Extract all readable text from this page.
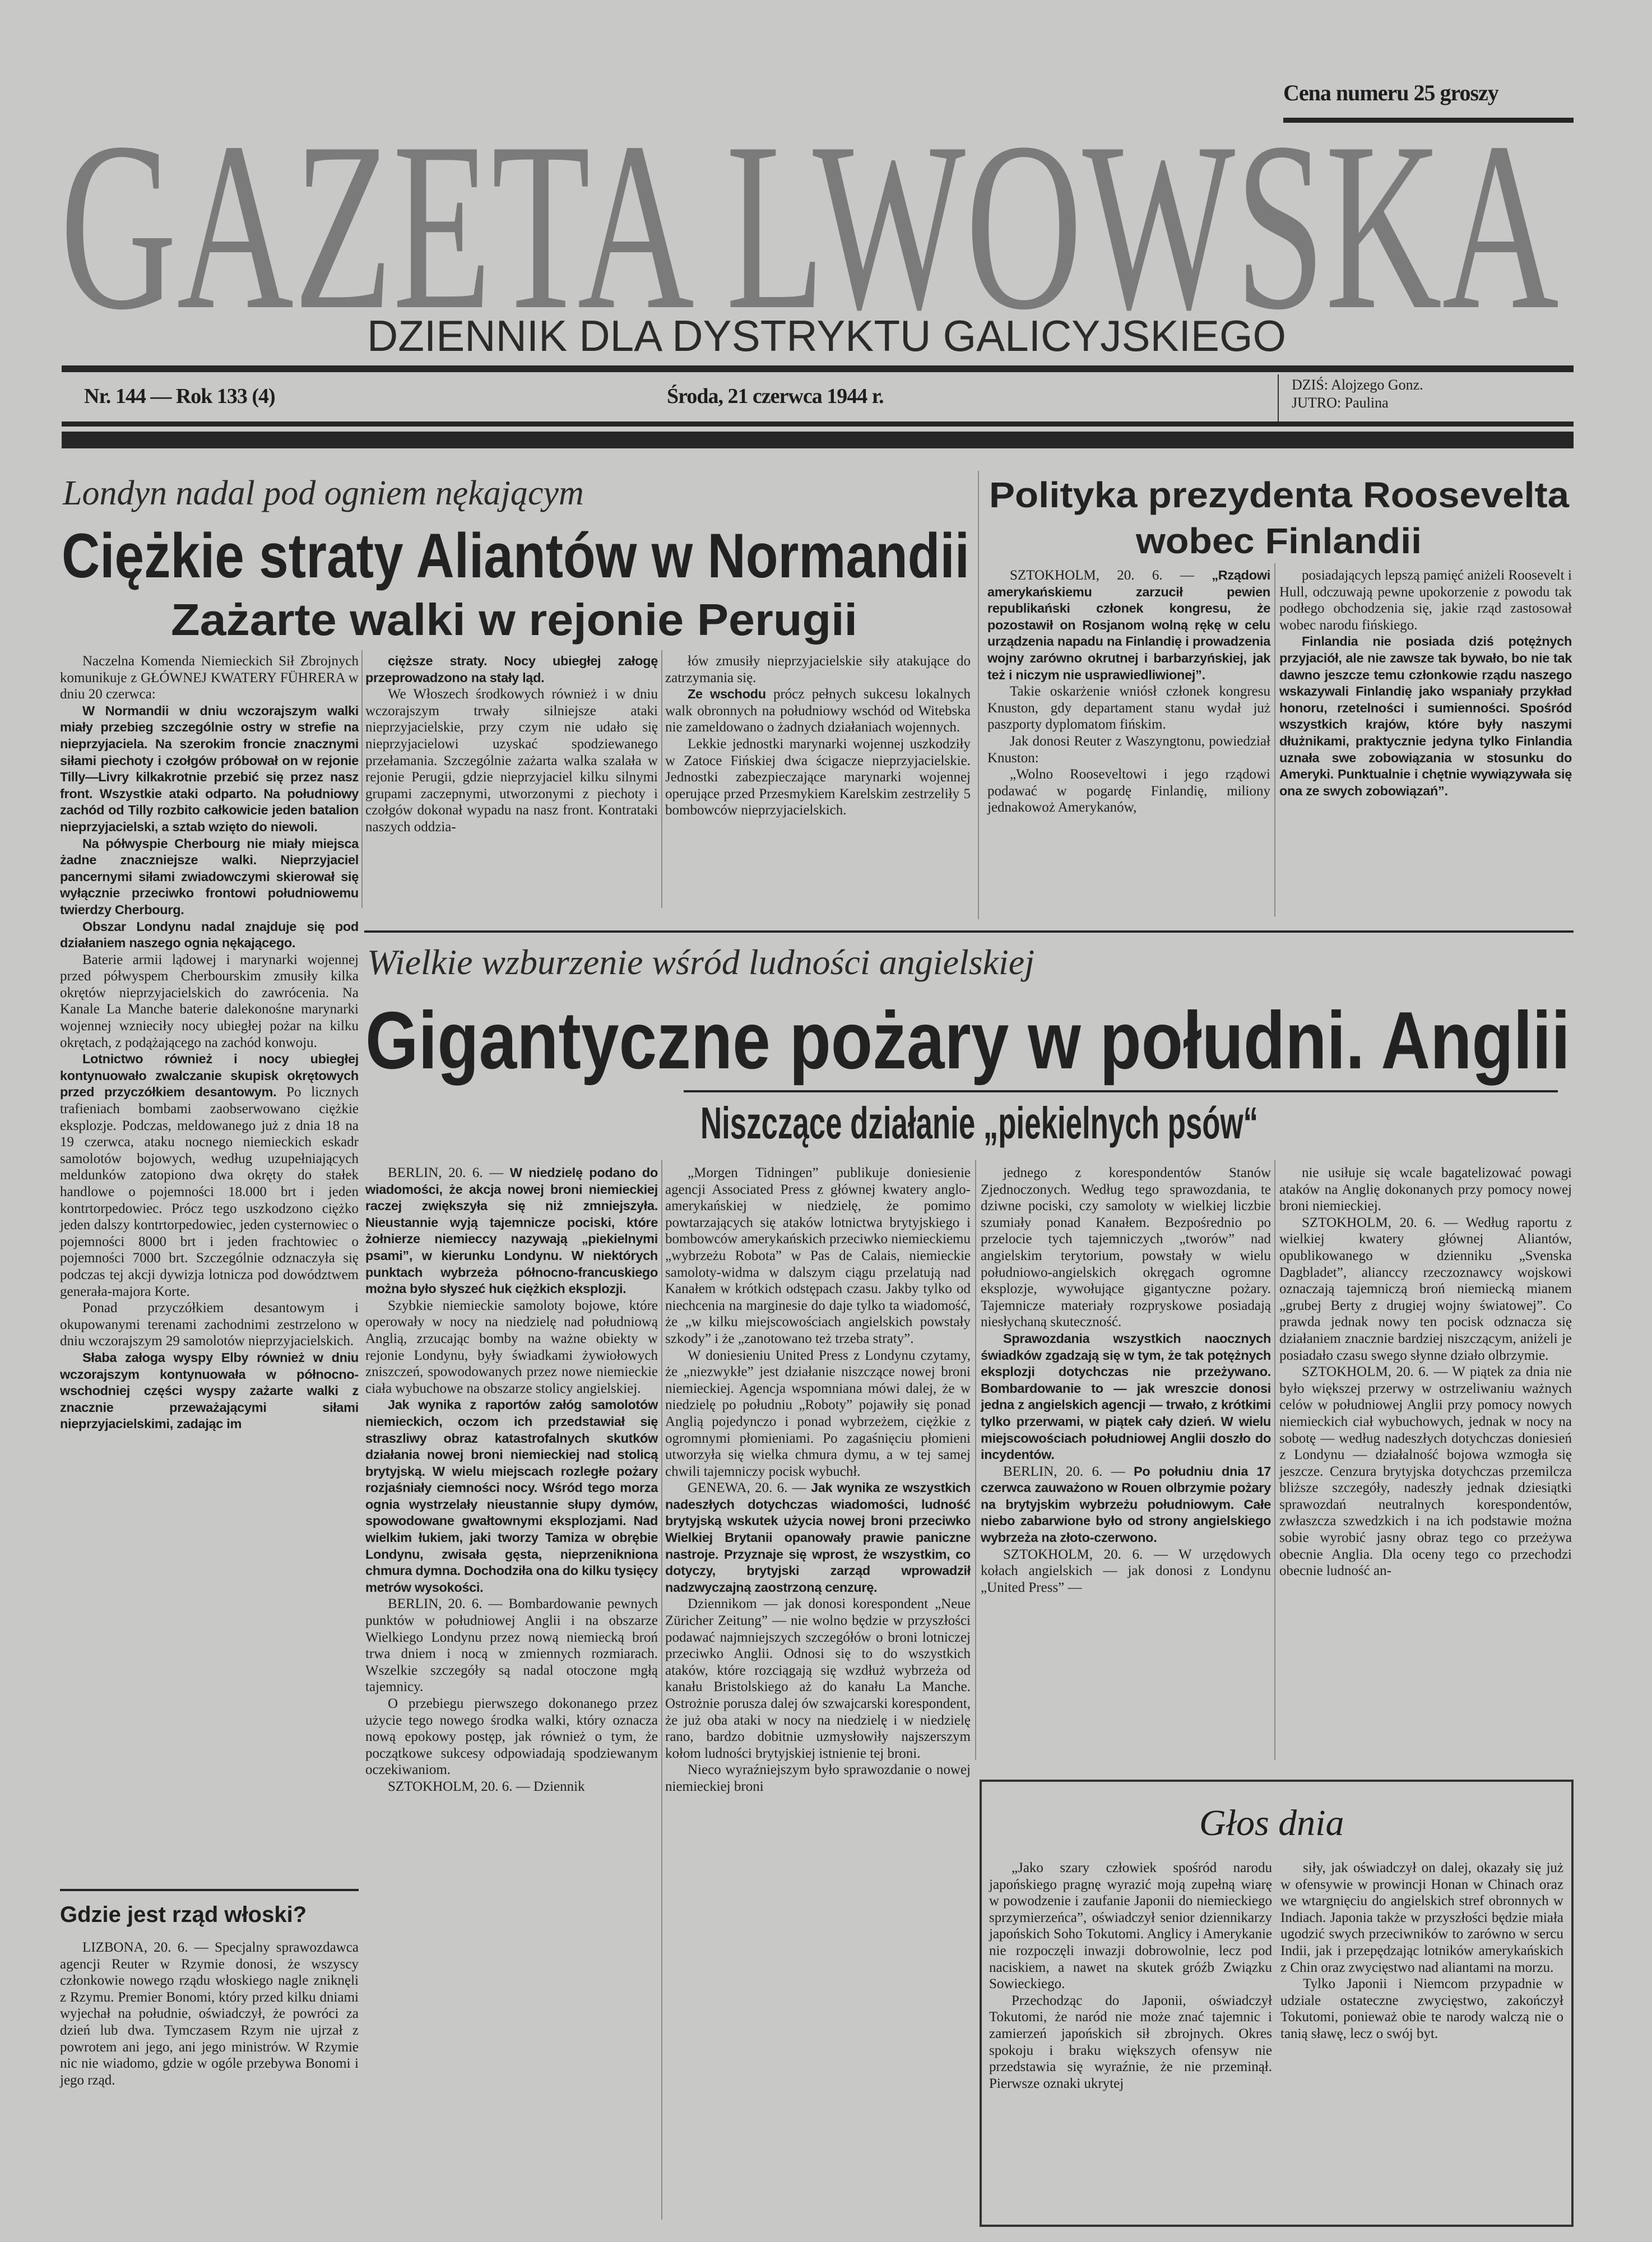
Cena numeru 25 groszy
GAZETA LWOWSKA
DZIENNIK DLA DYSTRYKTU GALICYJSKIEGO
Nr. 144 — Rok 133 (4)	Środa, 21 czerwca 1944 r.	DZIŚ: Alojzego Gonz.
JUTRO: Paulina
Londyn nadal pod ogniem nękającym
Ciężkie straty Aliantów w Normandii
Zażarte walki w rejonie Perugii

Naczelna Komenda Niemieckich Sił Zbrojnych komunikuje z GŁÓWNEJ KWATERY FÜHRERA w dniu 20 czerwca:

W Normandii w dniu wczorajszym walki miały przebieg szczególnie ostry w strefie na nieprzyjaciela. Na szerokim froncie znacznymi siłami piechoty i czołgów próbował on w rejonie Tilly—Livry kilkakrotnie przebić się przez nasz front. Wszystkie ataki odparto. Na południowy zachód od Tilly rozbito całkowicie jeden batalion nieprzyjacielski, a sztab wzięto do niewoli.

Na półwyspie Cherbourg nie miały miejsca żadne znaczniejsze walki. Nieprzyjaciel pancernymi siłami zwiadowczymi skierował się wyłącznie przeciwko frontowi południowemu twierdzy Cherbourg.

Obszar Londynu nadal znajduje się pod działaniem naszego ognia nękającego.

Baterie armii lądowej i marynarki wojennej przed półwyspem Cherbourskim zmusiły kilka okrętów nieprzyjacielskich do zawrócenia. Na Kanale La Manche baterie dalekonośne marynarki wojennej wznieciły nocy ubiegłej pożar na kilku okrętach, z podążającego na zachód konwoju.

Lotnictwo również i nocy ubiegłej kontynuowało zwalczanie skupisk okrętowych przed przyczółkiem desantowym. Po licznych trafieniach bombami zaobserwowano ciężkie eksplozje. Podczas, meldowanego już z dnia 18 na 19 czerwca, ataku nocnego niemieckich eskadr samolotów bojowych, według uzupełniających meldunków zatopiono dwa okręty do stałek handlowe o pojemności 18.000 brt i jeden kontrtorpedowiec. Prócz tego uszkodzono ciężko jeden dalszy kontrtorpedowiec, jeden cysternowiec o pojemności 8000 brt i jeden frachtowiec o pojemności 7000 brt. Szczególnie odznaczyła się podczas tej akcji dywizja lotnicza pod dowództwem generała-majora Korte.

Ponad przyczółkiem desantowym i okupowanymi terenami zachodnimi zestrzelono w dniu wczorajszym 29 samolotów nieprzyjacielskich.

Słaba załoga wyspy Elby również w dniu wczorajszym kontynuowała w północno-wschodniej części wyspy zażarte walki z znacznie przeważającymi siłami nieprzyjacielskimi, zadając im

cięższe straty. Nocy ubiegłej załogę przeprowadzono na stały ląd.

We Włoszech środkowych również i w dniu wczorajszym trwały silniejsze ataki nieprzyjacielskie, przy czym nie udało się nieprzyjacielowi uzyskać spodziewanego przełamania. Szczególnie zażarta walka szalała w rejonie Perugii, gdzie nieprzyjaciel kilku silnymi grupami zaczepnymi, utworzonymi z piechoty i czołgów dokonał wypadu na nasz front. Kontrataki naszych oddzia-

łów zmusiły nieprzyjacielskie siły atakujące do zatrzymania się.

Ze wschodu prócz pełnych sukcesu lokalnych walk obronnych na południowy wschód od Witebska nie zameldowano o żadnych działaniach wojennych.

Lekkie jednostki marynarki wojennej uszkodziły w Zatoce Fińskiej dwa ścigacze nieprzyjacielskie. Jednostki zabezpieczające marynarki wojennej operujące przed Przesmykiem Karelskim zestrzeliły 5 bombowców nieprzyjacielskich.

Polityka prezydenta Roosevelta
wobec Finlandii

SZTOKHOLM, 20. 6. — „Rządowi amerykańskiemu zarzucił pewien republikański członek kongresu, że pozostawił on Rosjanom wolną rękę w celu urządzenia napadu na Finlandię i prowadzenia wojny zarówno okrutnej i barbarzyńskiej, jak też i niczym nie usprawiedliwionej”.

Takie oskarżenie wniósł członek kongresu Knuston, gdy departament stanu wydał już paszporty dyplomatom fińskim.

Jak donosi Reuter z Waszyngtonu, powiedział Knuston:

„Wolno Rooseveltowi i jego rządowi podawać w pogardę Finlandię, miliony jednakowoż Amerykanów,

posiadających lepszą pamięć aniżeli Roosevelt i Hull, odczuwają pewne upokorzenie z powodu tak podłego obchodzenia się, jakie rząd zastosował wobec narodu fińskiego.

Finlandia nie posiada dziś potężnych przyjaciół, ale nie zawsze tak bywało, bo nie tak dawno jeszcze temu członkowie rządu naszego wskazywali Finlandię jako wspaniały przykład honoru, rzetelności i sumienności. Spośród wszystkich krajów, które były naszymi dłużnikami, praktycznie jedyna tylko Finlandia uznała swe zobowiązania w stosunku do Ameryki. Punktualnie i chętnie wywiązywała się ona ze swych zobowiązań”.

Wielkie wzburzenie wśród ludności angielskiej
Gigantyczne pożary w południ. Anglii
Niszczące działanie „piekielnych psów“

BERLIN, 20. 6. — W niedzielę podano do wiadomości, że akcja nowej broni niemieckiej raczej zwiększyła się niż zmniejszyła. Nieustannie wyją tajemnicze pociski, które żołnierze niemieccy nazywają „piekielnymi psami”, w kierunku Londynu. W niektórych punktach wybrzeża północno-francuskiego można było słyszeć huk ciężkich eksplozji.

Szybkie niemieckie samoloty bojowe, które operowały w nocy na niedzielę nad południową Anglią, zrzucając bomby na ważne obiekty w rejonie Londynu, były świadkami żywiołowych zniszczeń, spowodowanych przez nowe niemieckie ciała wybuchowe na obszarze stolicy angielskiej.

Jak wynika z raportów załóg samolotów niemieckich, oczom ich przedstawiał się straszliwy obraz katastrofalnych skutków działania nowej broni niemieckiej nad stolicą brytyjską. W wielu miejscach rozległe pożary rozjaśniały ciemności nocy. Wśród tego morza ognia wystrzelały nieustannie słupy dymów, spowodowane gwałtownymi eksplozjami. Nad wielkim łukiem, jaki tworzy Tamiza w obrębie Londynu, zwisała gęsta, nieprzenikniona chmura dymna. Dochodziła ona do kilku tysięcy metrów wysokości.

BERLIN, 20. 6. — Bombardowanie pewnych punktów w południowej Anglii i na obszarze Wielkiego Londynu przez nową niemiecką broń trwa dniem i nocą w zmiennych rozmiarach. Wszelkie szczegóły są nadal otoczone mgłą tajemnicy.

O przebiegu pierwszego dokonanego przez użycie tego nowego środka walki, który oznacza nową epokowy postęp, jak również o tym, że początkowe sukcesy odpowiadają spodziewanym oczekiwaniom.

SZTOKHOLM, 20. 6. — Dziennik

„Morgen Tidningen” publikuje doniesienie agencji Associated Press z głównej kwatery anglo-amerykańskiej w niedzielę, że pomimo powtarzających się ataków lotnictwa brytyjskiego i bombowców amerykańskich przeciwko niemieckiemu „wybrzeżu Robota” w Pas de Calais, niemieckie samoloty-widma w dalszym ciągu przelatują nad Kanałem w krótkich odstępach czasu. Jakby tylko od niechcenia na marginesie do daje tylko ta wiadomość, że „w kilku miejscowościach angielskich powstały szkody” i że „zanotowano też trzeba straty”.

W doniesieniu United Press z Londynu czytamy, że „niezwykłe” jest działanie niszczące nowej broni niemieckiej. Agencja wspomniana mówi dalej, że w niedzielę po południu „Roboty” pojawiły się ponad Anglią pojedynczo i ponad wybrzeżem, ciężkie z ogromnymi płomieniami. Po zagaśnięciu płomieni utworzyła się wielka chmura dymu, a w tej samej chwili tajemniczy pocisk wybuchł.

GENEWA, 20. 6. — Jak wynika ze wszystkich nadeszłych dotychczas wiadomości, ludność brytyjską wskutek użycia nowej broni przeciwko Wielkiej Brytanii opanowały prawie paniczne nastroje. Przyznaje się wprost, że wszystkim, co dotyczy, brytyjski zarząd wprowadził nadzwyczajną zaostrzoną cenzurę.

Dziennikom — jak donosi korespondent „Neue Züricher Zeitung” — nie wolno będzie w przyszłości podawać najmniejszych szczegółów o broni lotniczej przeciwko Anglii. Odnosi się to do wszystkich ataków, które rozciągają się wzdłuż wybrzeża od kanału Bristolskiego aż do kanału La Manche. Ostrożnie porusza dalej ów szwajcarski korespondent, że już oba ataki w nocy na niedzielę i w niedzielę rano, bardzo dobitnie uzmysłowiły najszerszym kołom ludności brytyjskiej istnienie tej broni.

Nieco wyraźniejszym było sprawozdanie o nowej niemieckiej broni

jednego z korespondentów Stanów Zjednoczonych. Według tego sprawozdania, te dziwne pociski, czy samoloty w wielkiej liczbie szumiały ponad Kanałem. Bezpośrednio po przelocie tych tajemniczych „tworów” nad angielskim terytorium, powstały w wielu południowo-angielskich okręgach ogromne eksplozje, wywołujące gigantyczne pożary. Tajemnicze materiały rozpryskowe posiadają niesłychaną skuteczność.

Sprawozdania wszystkich naocznych świadków zgadzają się w tym, że tak potężnych eksplozji dotychczas nie przeżywano. Bombardowanie to — jak wreszcie donosi jedna z angielskich agencji — trwało, z krótkimi tylko przerwami, w piątek cały dzień. W wielu miejscowościach południowej Anglii doszło do incydentów.

BERLIN, 20. 6. — Po południu dnia 17 czerwca zauważono w Rouen olbrzymie pożary na brytyjskim wybrzeżu południowym. Całe niebo zabarwione było od strony angielskiego wybrzeża na złoto-czerwono.

SZTOKHOLM, 20. 6. — W urzędowych kołach angielskich — jak donosi z Londynu „United Press” —

nie usiłuje się wcale bagatelizować powagi ataków na Anglię dokonanych przy pomocy nowej broni niemieckiej.

SZTOKHOLM, 20. 6. — Według raportu z wielkiej kwatery głównej Aliantów, opublikowanego w dzienniku „Svenska Dagbladet”, alianccy rzeczoznawcy wojskowi oznaczają tajemniczą broń niemiecką mianem „grubej Berty z drugiej wojny światowej”. Co prawda jednak nowy ten pocisk odznacza się działaniem znacznie bardziej niszczącym, aniżeli je posiadało czasu swego słynne działo olbrzymie.

SZTOKHOLM, 20. 6. — W piątek za dnia nie było większej przerwy w ostrzeliwaniu ważnych celów w południowej Anglii przy pomocy nowych niemieckich ciał wybuchowych, jednak w nocy na sobotę — według nadeszłych dotychczas doniesień z Londynu — działalność bojowa wzmogła się jeszcze. Cenzura brytyjska dotychczas przemilcza bliższe szczegóły, nadeszły jednak dziesiątki sprawozdań neutralnych korespondentów, zwłaszcza szwedzkich i na ich podstawie można sobie wyrobić jasny obraz tego co przeżywa obecnie Anglia. Dla oceny tego co przechodzi obecnie ludność an-

Głos dnia

„Jako szary człowiek spośród narodu japońskiego pragnę wyrazić moją zupełną wiarę w powodzenie i zaufanie Japonii do niemieckiego sprzymierzeńca”, oświadczył senior dziennikarzy japońskich Soho Tokutomi. Anglicy i Amerykanie nie rozpoczęli inwazji dobrowolnie, lecz pod naciskiem, a nawet na skutek gróźb Związku Sowieckiego.

Przechodząc do Japonii, oświadczył Tokutomi, że naród nie może znać tajemnic i zamierzeń japońskich sił zbrojnych. Okres spokoju i braku większych ofensyw nie przedstawia się wyraźnie, że nie przeminął. Pierwsze oznaki ukrytej

siły, jak oświadczył on dalej, okazały się już w ofensywie w prowincji Honan w Chinach oraz we wtargnięciu do angielskich stref obronnych w Indiach. Japonia także w przyszłości będzie miała ugodzić swych przeciwników to zarówno w sercu Indii, jak i przepędzając lotników amerykańskich z Chin oraz zwycięstwo nad aliantami na morzu.

Tylko Japonii i Niemcom przypadnie w udziale ostateczne zwycięstwo, zakończył Tokutomi, ponieważ obie te narody walczą nie o tanią sławę, lecz o swój byt.

Gdzie jest rząd włoski?

LIZBONA, 20. 6. — Specjalny sprawozdawca agencji Reuter w Rzymie donosi, że wszyscy członkowie nowego rządu włoskiego nagle zniknęli z Rzymu. Premier Bonomi, który przed kilku dniami wyjechał na południe, oświadczył, że powróci za dzień lub dwa. Tymczasem Rzym nie ujrzał z powrotem ani jego, ani jego ministrów. W Rzymie nic nie wiadomo, gdzie w ogóle przebywa Bonomi i jego rząd.
